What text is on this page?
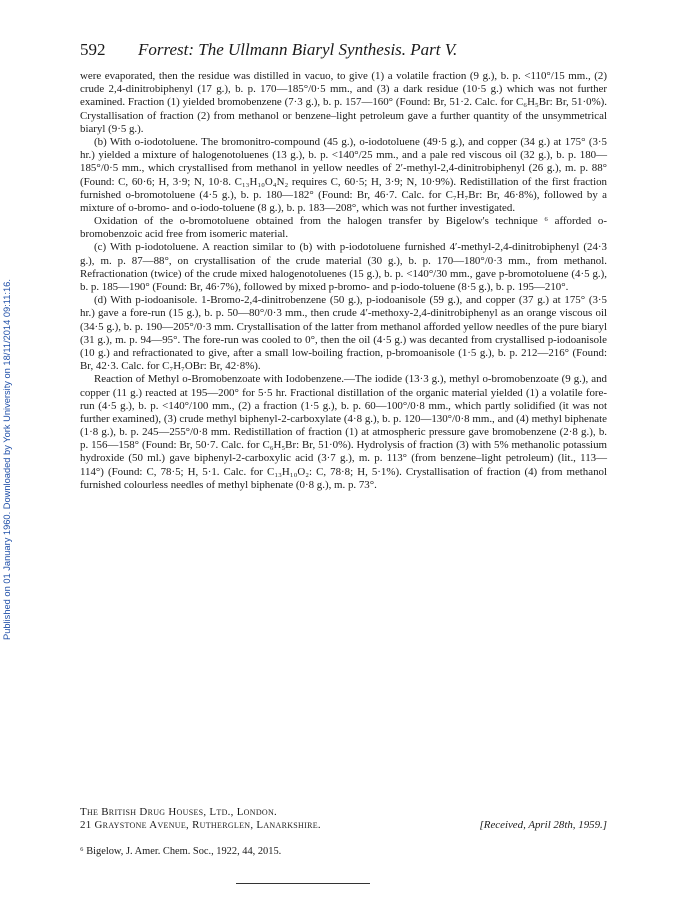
Published on 01 January 1960. Downloaded by York University on 18/11/2014 09:11:16.
592 Forrest: The Ullmann Biaryl Synthesis. Part V.

were evaporated, then the residue was distilled in vacuo, to give (1) a volatile fraction (9 g.), b. p. <110°/15 mm., (2) crude 2,4-dinitrobiphenyl (17 g.), b. p. 170—185°/0·5 mm., and (3) a dark residue (10·5 g.) which was not further examined. Fraction (1) yielded bromobenzene (7·3 g.), b. p. 157—160° (Found: Br, 51·2. Calc. for C₆H₅Br: Br, 51·0%). Crystallisation of fraction (2) from methanol or benzene–light petroleum gave a further quantity of the unsymmetrical biaryl (9·5 g.).

(b) With o-iodotoluene. The bromonitro-compound (45 g.), o-iodotoluene (49·5 g.), and copper (34 g.) at 175° (3·5 hr.) yielded a mixture of halogenotoluenes (13 g.), b. p. <140°/25 mm., and a pale red viscous oil (32 g.), b. p. 180—185°/0·5 mm., which crystallised from methanol in yellow needles of 2′-methyl-2,4-dinitrobiphenyl (26 g.), m. p. 88° (Found: C, 60·6; H, 3·9; N, 10·8. C₁₃H₁₀O₄N₂ requires C, 60·5; H, 3·9; N, 10·9%). Redistillation of the first fraction furnished o-bromotoluene (4·5 g.), b. p. 180—182° (Found: Br, 46·7. Calc. for C₇H₇Br: Br, 46·8%), followed by a mixture of o-bromo- and o-iodo-toluene (8 g.), b. p. 183—208°, which was not further investigated.

Oxidation of the o-bromotoluene obtained from the halogen transfer by Bigelow's technique ⁶ afforded o-bromobenzoic acid free from isomeric material.

(c) With p-iodotoluene. A reaction similar to (b) with p-iodotoluene furnished 4′-methyl-2,4-dinitrobiphenyl (24·3 g.), m. p. 87—88°, on crystallisation of the crude material (30 g.), b. p. 170—180°/0·3 mm., from methanol. Refractionation (twice) of the crude mixed halogenotoluenes (15 g.), b. p. <140°/30 mm., gave p-bromotoluene (4·5 g.), b. p. 185—190° (Found: Br, 46·7%), followed by mixed p-bromo- and p-iodo-toluene (8·5 g.), b. p. 195—210°.

(d) With p-iodoanisole. 1-Bromo-2,4-dinitrobenzene (50 g.), p-iodoanisole (59 g.), and copper (37 g.) at 175° (3·5 hr.) gave a fore-run (15 g.), b. p. 50—80°/0·3 mm., then crude 4′-methoxy-2,4-dinitrobiphenyl as an orange viscous oil (34·5 g.), b. p. 190—205°/0·3 mm. Crystallisation of the latter from methanol afforded yellow needles of the pure biaryl (31 g.), m. p. 94—95°. The fore-run was cooled to 0°, then the oil (4·5 g.) was decanted from crystallised p-iodoanisole (10 g.) and refractionated to give, after a small low-boiling fraction, p-bromoanisole (1·5 g.), b. p. 212—216° (Found: Br, 42·3. Calc. for C₇H₇OBr: Br, 42·8%).

Reaction of Methyl o-Bromobenzoate with Iodobenzene.—The iodide (13·3 g.), methyl o-bromobenzoate (9 g.), and copper (11 g.) reacted at 195—200° for 5·5 hr. Fractional distillation of the organic material yielded (1) a volatile fore-run (4·5 g.), b. p. <140°/100 mm., (2) a fraction (1·5 g.), b. p. 60—100°/0·8 mm., which partly solidified (it was not further examined), (3) crude methyl biphenyl-2-carboxylate (4·8 g.), b. p. 120—130°/0·8 mm., and (4) methyl biphenate (1·8 g.), b. p. 245—255°/0·8 mm. Redistillation of fraction (1) at atmospheric pressure gave bromobenzene (2·8 g.), b. p. 156—158° (Found: Br, 50·7. Calc. for C₆H₅Br: Br, 51·0%). Hydrolysis of fraction (3) with 5% methanolic potassium hydroxide (50 ml.) gave biphenyl-2-carboxylic acid (3·7 g.), m. p. 113° (from benzene–light petroleum) (lit., 113—114°) (Found: C, 78·5; H, 5·1. Calc. for C₁₃H₁₀O₂: C, 78·8; H, 5·1%). Crystallisation of fraction (4) from methanol furnished colourless needles of methyl biphenate (0·8 g.), m. p. 73°.

The British Drug Houses, Ltd., London.
21 Graystone Avenue, Rutherglen, Lanarkshire.	[Received, April 28th, 1959.]
⁶ Bigelow, J. Amer. Chem. Soc., 1922, 44, 2015.
